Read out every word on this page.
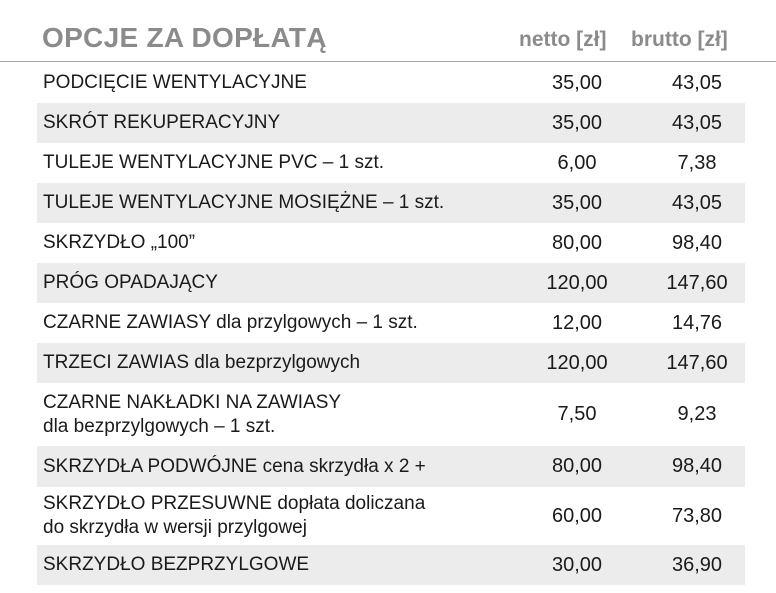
OPCJE ZA DOPŁATĄ	netto [zł] brutto [zł]
PODCIĘCIE WENTYLACYJNE	35,00	43,05
SKRÓT REKUPERACYJNY	35,00	43,05
TULEJE WENTYLACYJNE PVC – 1 szt.	6,00	7,38
TULEJE WENTYLACYJNE MOSIĘŻNE – 1 szt.	35,00	43,05
SKRZYDŁO „100”	80,00	98,40
PRÓG OPADAJĄCY	120,00	147,60
CZARNE ZAWIASY dla przylgowych – 1 szt.	12,00	14,76
TRZECI ZAWIAS dla bezprzylgowych	120,00	147,60
CZARNE NAKŁADKI NA ZAWIASY
dla bezprzylgowych – 1 szt.
7,50	9,23
SKRZYDŁA PODWÓJNE cena skrzydła x 2 +	80,00	98,40
SKRZYDŁO PRZESUWNE dopłata doliczana
do skrzydła w wersji przylgowej
60,00	73,80
SKRZYDŁO BEZPRZYLGOWE	30,00	36,90
